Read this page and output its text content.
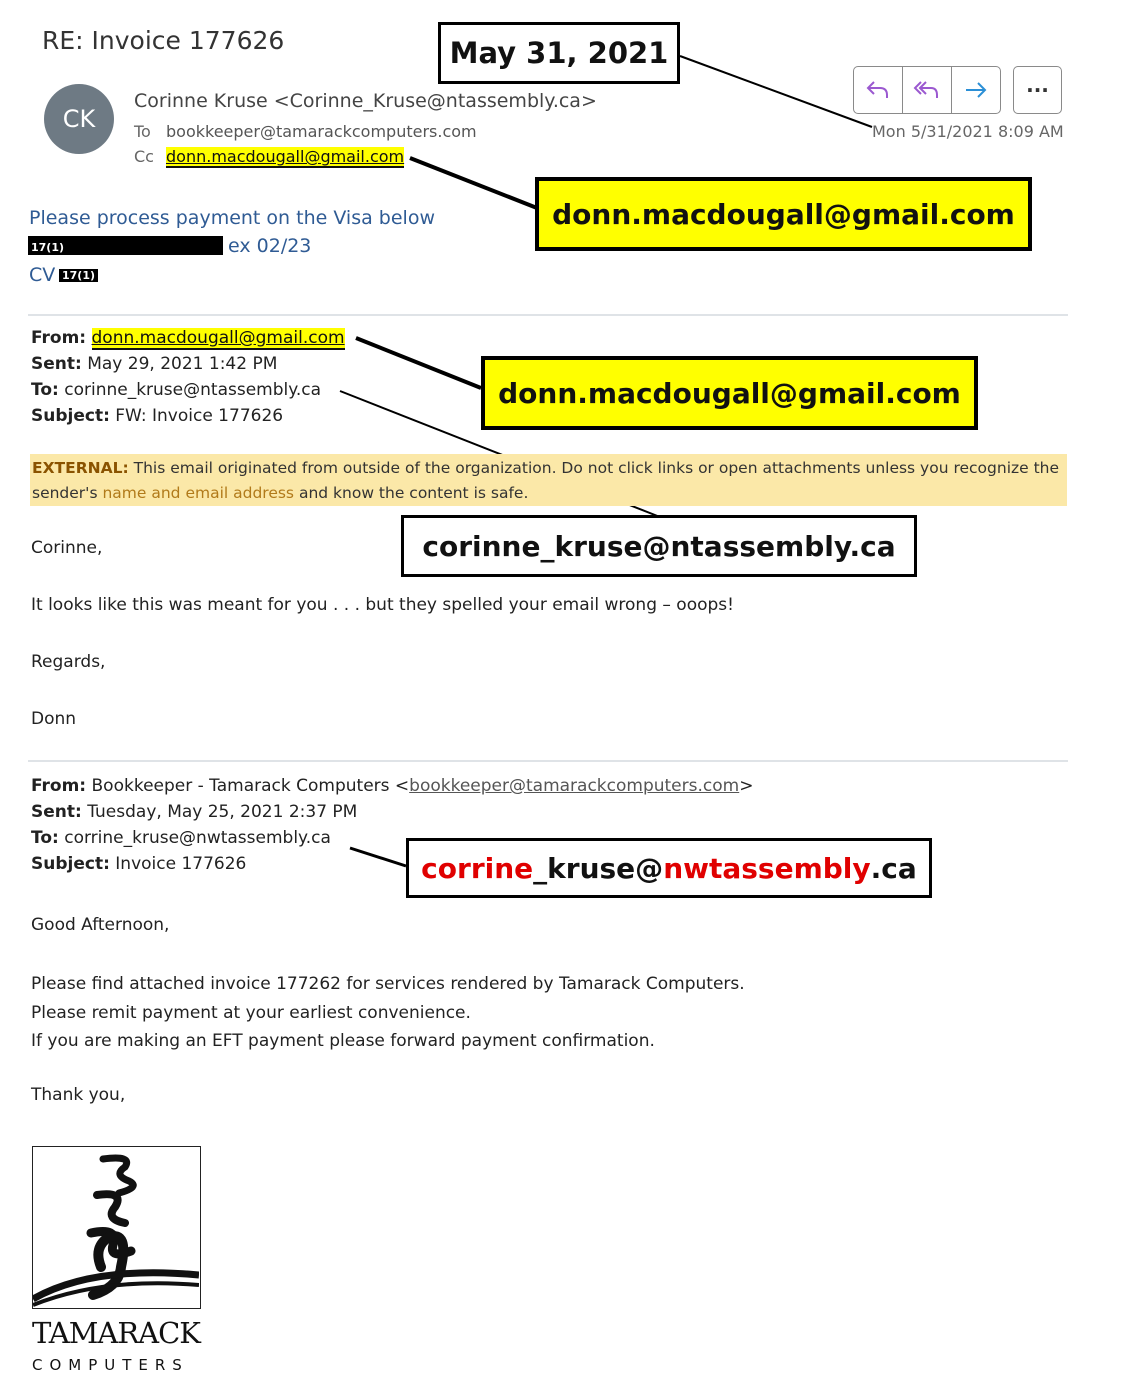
RE: Invoice 177626
CK
Corinne Kruse <Corinne_Kruse@ntassembly.ca>
To bookkeeper@tamarackcomputers.com
Cc donn.macdougall@gmail.com
···
Mon 5/31/2021 8:09 AM
Please process payment on the Visa below
17(1)	ex 02/23
CV 17(1)
From: donn.macdougall@gmail.com
Sent: May 29, 2021 1:42 PM
To: corinne_kruse@ntassembly.ca
Subject: FW: Invoice 177626
EXTERNAL: This email originated from outside of the organization. Do not click links or open attachments unless you recognize the
sender's name and email address and know the content is safe.
Corinne,
It looks like this was meant for you . . . but they spelled your email wrong – ooops!
Regards,
Donn
From: Bookkeeper - Tamarack Computers <bookkeeper@tamarackcomputers.com>
Sent: Tuesday, May 25, 2021 2:37 PM
To: corrine_kruse@nwtassembly.ca
Subject: Invoice 177626
Good Afternoon,
Please find attached invoice 177262 for services rendered by Tamarack Computers.
Please remit payment at your earliest convenience.
If you are making an EFT payment please forward payment confirmation.
Thank you,
TAMARACK
COMPUTERS
May 31, 2021
donn.macdougall@gmail.com
donn.macdougall@gmail.com
corinne_kruse@ntassembly.ca
corrine _kruse@ nwtassembly .ca
